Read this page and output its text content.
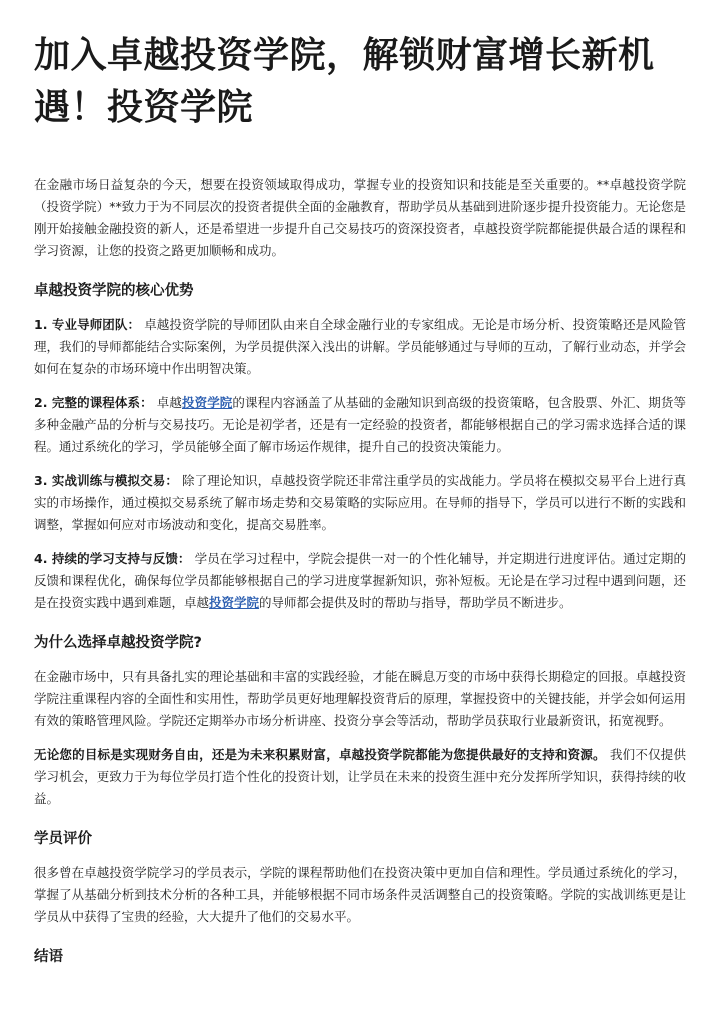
加入卓越投资学院，解锁财富增长新机遇！投资学院

在金融市场日益复杂的今天，想要在投资领域取得成功，掌握专业的投资知识和技能是至关重要的。**卓越投资学院（投资学院）**致力于为不同层次的投资者提供全面的金融教育，帮助学员从基础到进阶逐步提升投资能力。无论您是刚开始接触金融投资的新人，还是希望进一步提升自己交易技巧的资深投资者，卓越投资学院都能提供最合适的课程和学习资源，让您的投资之路更加顺畅和成功。

卓越投资学院的核心优势

1. 专业导师团队： 卓越投资学院的导师团队由来自全球金融行业的专家组成。无论是市场分析、投资策略还是风险管理，我们的导师都能结合实际案例，为学员提供深入浅出的讲解。学员能够通过与导师的互动，了解行业动态，并学会如何在复杂的市场环境中作出明智决策。

2. 完整的课程体系： 卓越投资学院的课程内容涵盖了从基础的金融知识到高级的投资策略，包含股票、外汇、期货等多种金融产品的分析与交易技巧。无论是初学者，还是有一定经验的投资者，都能够根据自己的学习需求选择合适的课程。通过系统化的学习，学员能够全面了解市场运作规律，提升自己的投资决策能力。

3. 实战训练与模拟交易： 除了理论知识，卓越投资学院还非常注重学员的实战能力。学员将在模拟交易平台上进行真实的市场操作，通过模拟交易系统了解市场走势和交易策略的实际应用。在导师的指导下，学员可以进行不断的实践和调整，掌握如何应对市场波动和变化，提高交易胜率。

4. 持续的学习支持与反馈： 学员在学习过程中，学院会提供一对一的个性化辅导，并定期进行进度评估。通过定期的反馈和课程优化，确保每位学员都能够根据自己的学习进度掌握新知识，弥补短板。无论是在学习过程中遇到问题，还是在投资实践中遇到难题，卓越投资学院的导师都会提供及时的帮助与指导，帮助学员不断进步。

为什么选择卓越投资学院?

在金融市场中，只有具备扎实的理论基础和丰富的实践经验，才能在瞬息万变的市场中获得长期稳定的回报。卓越投资学院注重课程内容的全面性和实用性，帮助学员更好地理解投资背后的原理，掌握投资中的关键技能，并学会如何运用有效的策略管理风险。学院还定期举办市场分析讲座、投资分享会等活动，帮助学员获取行业最新资讯，拓宽视野。

无论您的目标是实现财务自由，还是为未来积累财富，卓越投资学院都能为您提供最好的支持和资源。 我们不仅提供学习机会，更致力于为每位学员打造个性化的投资计划，让学员在未来的投资生涯中充分发挥所学知识，获得持续的收益。

学员评价

很多曾在卓越投资学院学习的学员表示，学院的课程帮助他们在投资决策中更加自信和理性。学员通过系统化的学习，掌握了从基础分析到技术分析的各种工具，并能够根据不同市场条件灵活调整自己的投资策略。学院的实战训练更是让学员从中获得了宝贵的经验，大大提升了他们的交易水平。

结语
